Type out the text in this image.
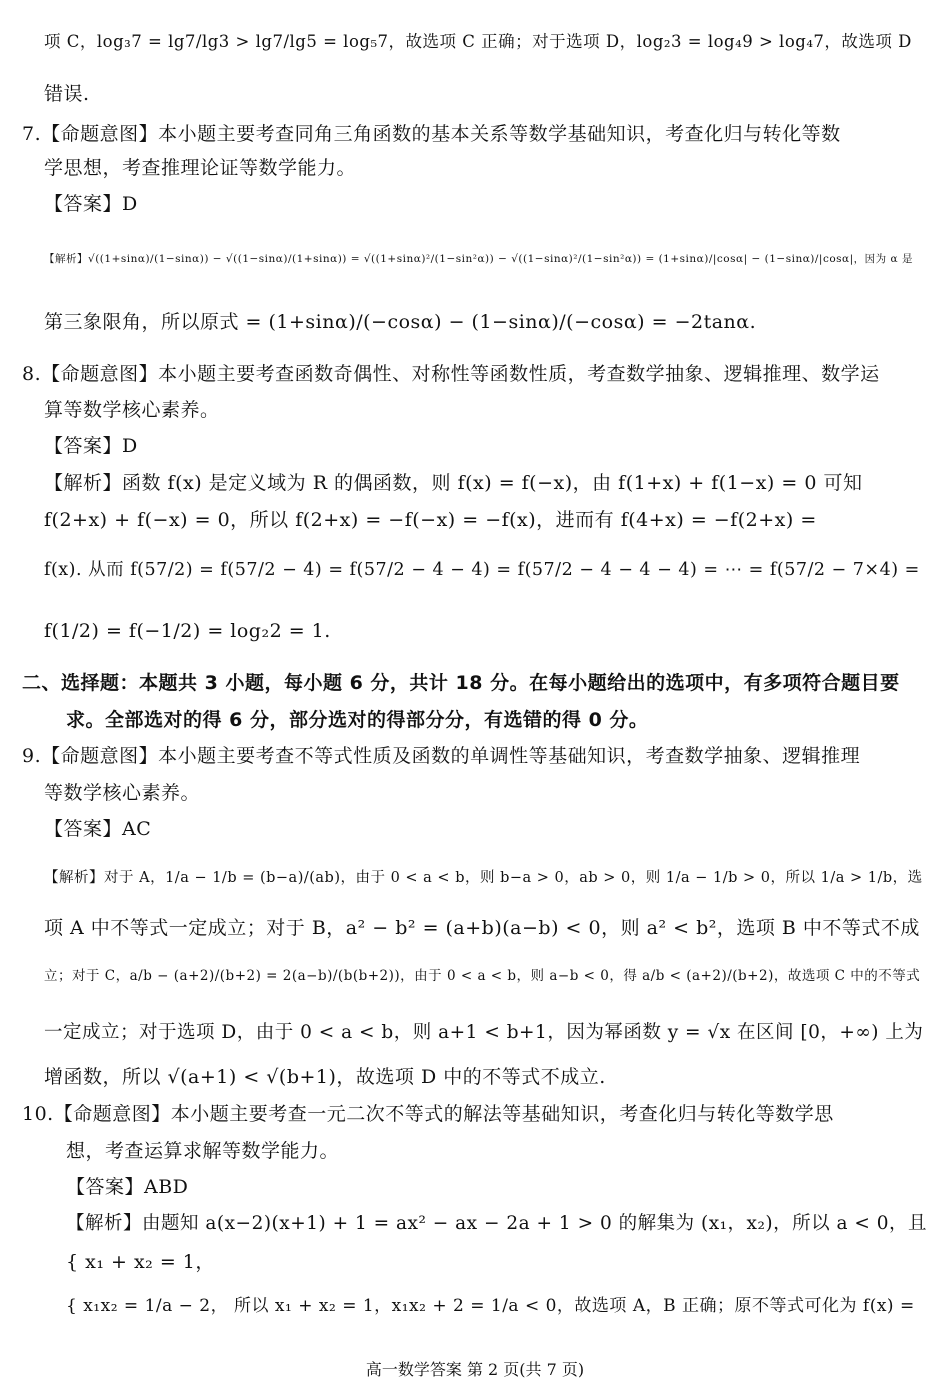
项 C，log₃7 = lg7/lg3 > lg7/lg5 = log₅7，故选项 C 正确；对于选项 D，log₂3 = log₄9 > log₄7，故选项 D
错误.
7.【命题意图】本小题主要考查同角三角函数的基本关系等数学基础知识，考查化归与转化等数
学思想，考查推理论证等数学能力。
【答案】D
【解析】√((1+sinα)/(1−sinα)) − √((1−sinα)/(1+sinα)) = √((1+sinα)²/(1−sin²α)) − √((1−sinα)²/(1−sin²α)) = (1+sinα)/|cosα| − (1−sinα)/|cosα|，因为 α 是
第三象限角，所以原式 = (1+sinα)/(−cosα) − (1−sinα)/(−cosα) = −2tanα.
8.【命题意图】本小题主要考查函数奇偶性、对称性等函数性质，考查数学抽象、逻辑推理、数学运
算等数学核心素养。
【答案】D
【解析】函数 f(x) 是定义域为 R 的偶函数，则 f(x) = f(−x)，由 f(1+x) + f(1−x) = 0 可知
f(2+x) + f(−x) = 0，所以 f(2+x) = −f(−x) = −f(x)，进而有 f(4+x) = −f(2+x) =
f(x). 从而 f(57/2) = f(57/2 − 4) = f(57/2 − 4 − 4) = f(57/2 − 4 − 4 − 4) = ⋯ = f(57/2 − 7×4) =
f(1/2) = f(−1/2) = log₂2 = 1.
二、选择题：本题共 3 小题，每小题 6 分，共计 18 分。在每小题给出的选项中，有多项符合题目要
求。全部选对的得 6 分，部分选对的得部分分，有选错的得 0 分。
9.【命题意图】本小题主要考查不等式性质及函数的单调性等基础知识，考查数学抽象、逻辑推理
等数学核心素养。
【答案】AC
【解析】对于 A，1/a − 1/b = (b−a)/(ab)，由于 0 < a < b，则 b−a > 0，ab > 0，则 1/a − 1/b > 0，所以 1/a > 1/b，选
项 A 中不等式一定成立；对于 B，a² − b² = (a+b)(a−b) < 0，则 a² < b²，选项 B 中不等式不成
立；对于 C，a/b − (a+2)/(b+2) = 2(a−b)/(b(b+2))，由于 0 < a < b，则 a−b < 0，得 a/b < (a+2)/(b+2)，故选项 C 中的不等式
一定成立；对于选项 D，由于 0 < a < b，则 a+1 < b+1，因为幂函数 y = √x 在区间 [0，+∞) 上为
增函数，所以 √(a+1) < √(b+1)，故选项 D 中的不等式不成立.
10.【命题意图】本小题主要考查一元二次不等式的解法等基础知识，考查化归与转化等数学思
想，考查运算求解等数学能力。
【答案】ABD
【解析】由题知 a(x−2)(x+1) + 1 = ax² − ax − 2a + 1 > 0 的解集为 (x₁，x₂)，所以 a < 0，且
{ x₁ + x₂ = 1，
{ x₁x₂ = 1/a − 2， 所以 x₁ + x₂ = 1，x₁x₂ + 2 = 1/a < 0，故选项 A，B 正确；原不等式可化为 f(x) =
高一数学答案 第 2 页(共 7 页)
